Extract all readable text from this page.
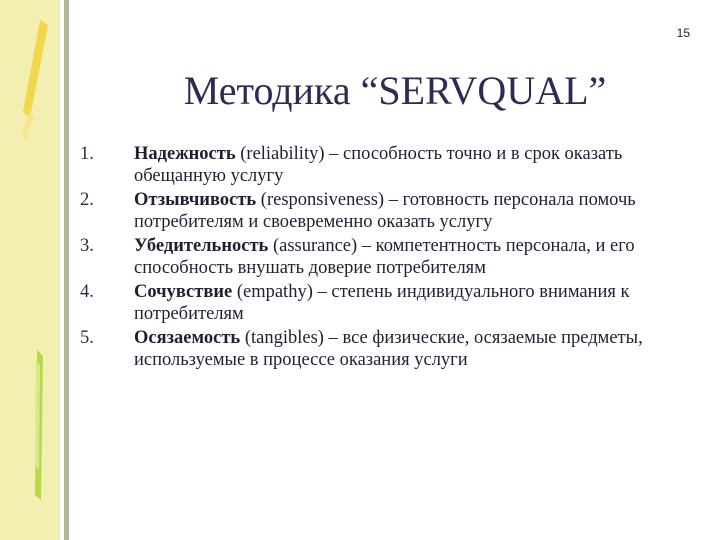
15
Методика “SERVQUAL”
1.	Надежность (reliability) – способность точно и в срок оказать обещанную услугу
2.	Отзывчивость (responsiveness) – готовность персонала помочь потребителям и своевременно оказать услугу
3.	Убедительность (assurance) – компетентность персонала, и его способность внушать доверие потребителям
4.	Сочувствие (empathy) – степень индивидуального внимания к потребителям
5.	Осязаемость (tangibles) – все физические, осязаемые предметы, используемые в процессе оказания услуги
